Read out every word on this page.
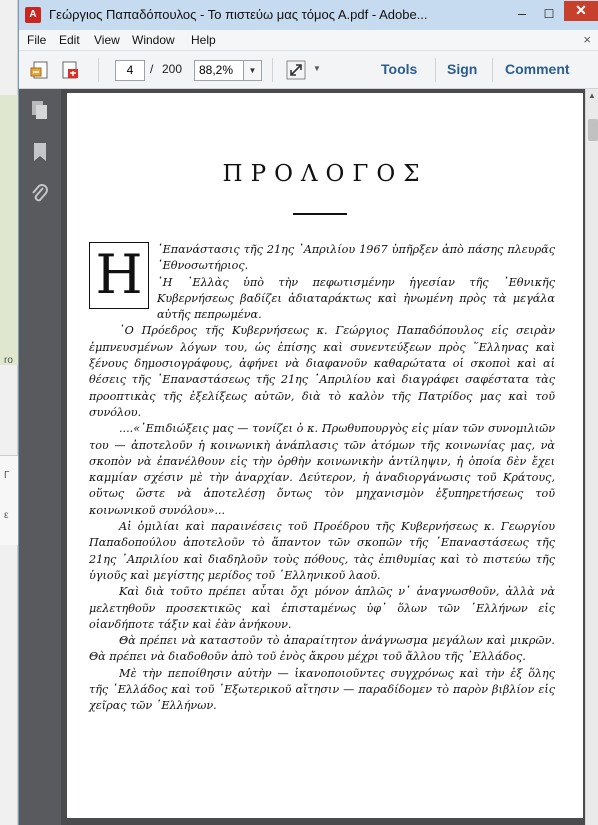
ro
Γ
ε
A Γεώργιος Παπαδόπουλος - Το πιστεύω μας τόμος Α.pdf - Adobe...	–	☐	✕
File Edit View Window Help	×
4	/ 200	88,2%	▼	▼	Tools Sign Comment
ΠΡΟΛΟΓΟΣ
Η	᾿Επανάστασις τῆς 21ης ᾿Απριλίου 1967 ὑπῆρξεν ἀπὸ πάσης πλευρᾶς ᾿Εθνοσωτήριος.

῾Η ῾Ελλὰς ὑπὸ τὴν πεφωτισμένην ἡγεσίαν τῆς ᾿Εθνικῆς Κυβερνήσεως βαδίζει ἀδιαταράκτως καὶ ἡνωμένη πρὸς τὰ μεγάλα αὐτῆς πεπρωμένα.

῾Ο Πρόεδρος τῆς Κυβερνήσεως κ. Γεώργιος Παπαδόπουλος εἰς σειρὰν ἐμπνευσμένων λόγων του, ὡς ἐπίσης καὶ συνεντεύξεων πρὸς ῞Ελληνας καὶ ξένους δημοσιογράφους, ἀφήνει νὰ διαφανοῦν καθαρώτατα οἱ σκοποὶ καὶ αἱ θέσεις τῆς ᾿Επαναστάσεως τῆς 21ης ᾿Απριλίου καὶ διαγράφει σαφέστατα τὰς προοπτικὰς τῆς ἐξελίξεως αὐτῶν, διὰ τὸ καλὸν τῆς Πατρίδος μας καὶ τοῦ συνόλου.

....«᾿Επιδιώξεις μας — τονίζει ὁ κ. Πρωθυπουργὸς εἰς μίαν τῶν συνομιλιῶν του — ἀποτελοῦν ἡ κοινωνικὴ ἀνάπλασις τῶν ἀτόμων τῆς κοινωνίας μας, νὰ σκοπὸν νὰ ἐπανέλθουν εἰς τὴν ὀρθὴν κοινωνικὴν ἀντίληψιν, ἡ ὁποία δὲν ἔχει καμμίαν σχέσιν μὲ τὴν ἀναρχίαν. Δεύτερον, ἡ ἀναδιοργάνωσις τοῦ Κράτους, οὕτως ὥστε νὰ ἀποτελέσῃ ὄντως τὸν μηχανισμὸν ἐξυπηρετήσεως τοῦ κοινωνικοῦ συνόλου»...

Αἱ ὁμιλίαι καὶ παραινέσεις τοῦ Προέδρου τῆς Κυβερνήσεως κ. Γεωργίου Παπαδοπούλου ἀποτελοῦν τὸ ἅπαντον τῶν σκοπῶν τῆς ᾿Επαναστάσεως τῆς 21ης ᾿Απριλίου καὶ διαδηλοῦν τοὺς πόθους, τὰς ἐπιθυμίας καὶ τὸ πιστεύω τῆς ὑγιοῦς καὶ μεγίστης μερίδος τοῦ ῾Ελληνικοῦ λαοῦ.

Καὶ διὰ τοῦτο πρέπει αὗται ὄχι μόνον ἁπλῶς ν᾿ ἀναγνωσθοῦν, ἀλλὰ νὰ μελετηθοῦν προσεκτικῶς καὶ ἐπισταμένως ὑφ᾿ ὅλων τῶν ῾Ελλήνων εἰς οἱανδήποτε τάξιν καὶ ἐὰν ἀνήκουν.

Θὰ πρέπει νὰ καταστοῦν τὸ ἀπαραίτητον ἀνάγνωσμα μεγάλων καὶ μικρῶν. Θὰ πρέπει νὰ διαδοθοῦν ἀπὸ τοῦ ἑνὸς ἄκρου μέχρι τοῦ ἄλλου τῆς ῾Ελλάδος.

Μὲ τὴν πεποίθησιν αὐτὴν — ἱκανοποιοῦντες συγχρόνως καὶ τὴν ἐξ ὅλης τῆς ῾Ελλάδος καὶ τοῦ ᾿Εξωτερικοῦ αἴτησιν — παραδίδομεν τὸ παρὸν βιβλίον εἰς χεῖρας τῶν ῾Ελλήνων.

▲
